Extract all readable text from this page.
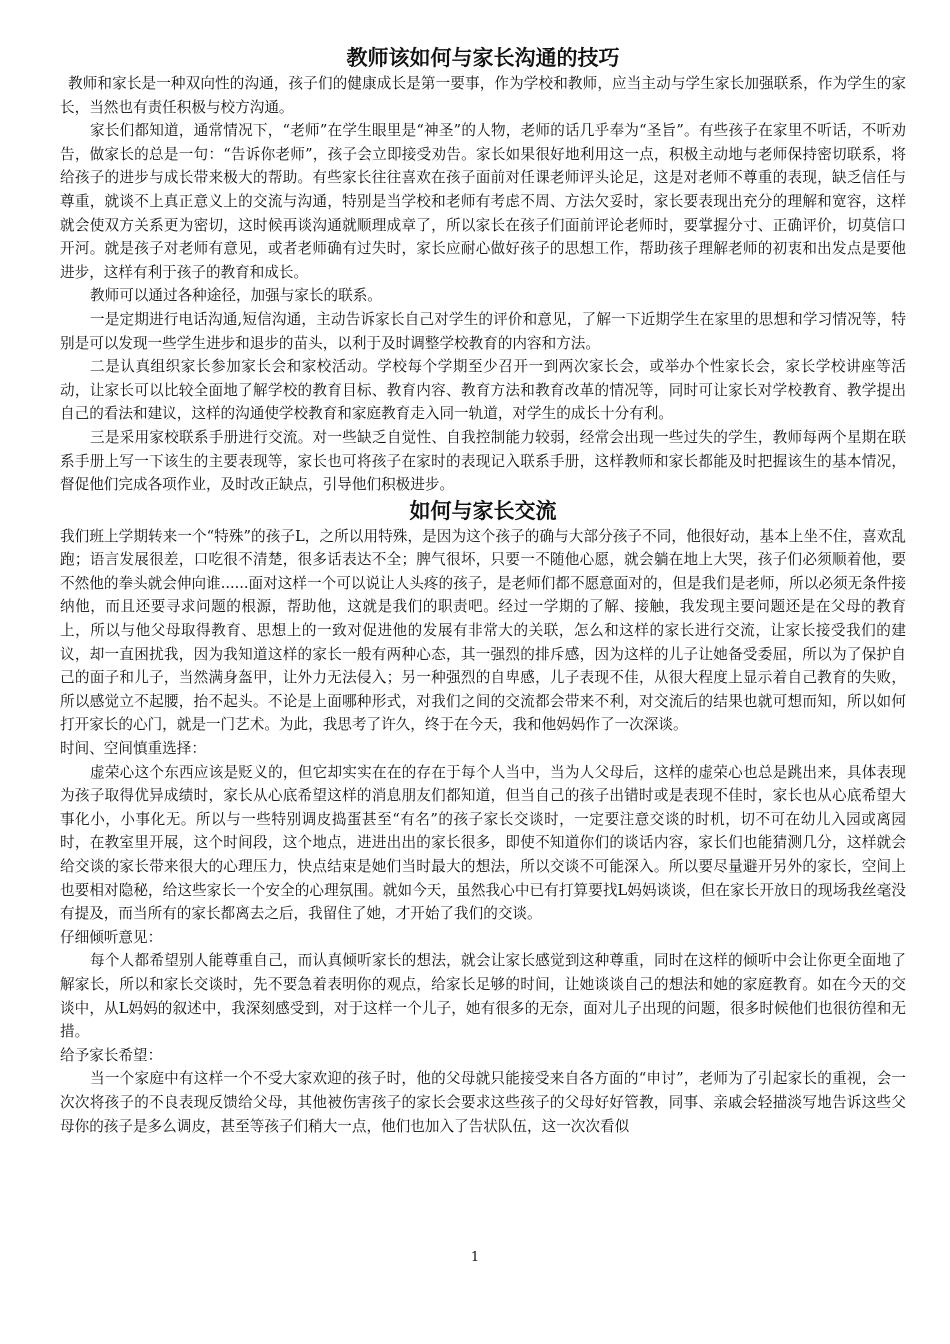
教师该如何与家长沟通的技巧

教师和家长是一种双向性的沟通，孩子们的健康成长是第一要事，作为学校和教师，应当主动与学生家长加强联系，作为学生的家长，当然也有责任积极与校方沟通。

家长们都知道，通常情况下，“老师”在学生眼里是“神圣”的人物，老师的话几乎奉为“圣旨”。有些孩子在家里不听话，不听劝告，做家长的总是一句：“告诉你老师”，孩子会立即接受劝告。家长如果很好地利用这一点，积极主动地与老师保持密切联系，将给孩子的进步与成长带来极大的帮助。有些家长往往喜欢在孩子面前对任课老师评头论足，这是对老师不尊重的表现，缺乏信任与尊重，就谈不上真正意义上的交流与沟通，特别是当学校和老师有考虑不周、方法欠妥时，家长要表现出充分的理解和宽容，这样就会使双方关系更为密切，这时候再谈沟通就顺理成章了，所以家长在孩子们面前评论老师时，要掌握分寸、正确评价，切莫信口开河。就是孩子对老师有意见，或者老师确有过失时，家长应耐心做好孩子的思想工作，帮助孩子理解老师的初衷和出发点是要他进步，这样有利于孩子的教育和成长。

教师可以通过各种途径，加强与家长的联系。

一是定期进行电话沟通,短信沟通，主动告诉家长自己对学生的评价和意见，了解一下近期学生在家里的思想和学习情况等，特别是可以发现一些学生进步和退步的苗头，以利于及时调整学校教育的内容和方法。

二是认真组织家长参加家长会和家校活动。学校每个学期至少召开一到两次家长会，或举办个性家长会，家长学校讲座等活动，让家长可以比较全面地了解学校的教育目标、教育内容、教育方法和教育改革的情况等，同时可让家长对学校教育、教学提出自己的看法和建议，这样的沟通使学校教育和家庭教育走入同一轨道，对学生的成长十分有利。

三是采用家校联系手册进行交流。对一些缺乏自觉性、自我控制能力较弱，经常会出现一些过失的学生，教师每两个星期在联系手册上写一下该生的主要表现等，家长也可将孩子在家时的表现记入联系手册，这样教师和家长都能及时把握该生的基本情况，督促他们完成各项作业，及时改正缺点，引导他们积极进步。

如何与家长交流

我们班上学期转来一个“特殊”的孩子L，之所以用特殊，是因为这个孩子的确与大部分孩子不同，他很好动，基本上坐不住，喜欢乱跑；语言发展很差，口吃很不清楚，很多话表达不全；脾气很坏，只要一不随他心愿，就会躺在地上大哭，孩子们必须顺着他，要不然他的拳头就会伸向谁......面对这样一个可以说让人头疼的孩子，是老师们都不愿意面对的，但是我们是老师，所以必须无条件接纳他，而且还要寻求问题的根源，帮助他，这就是我们的职责吧。经过一学期的了解、接触，我发现主要问题还是在父母的教育上，所以与他父母取得教育、思想上的一致对促进他的发展有非常大的关联，怎么和这样的家长进行交流，让家长接受我们的建议，却一直困扰我，因为我知道这样的家长一般有两种心态，其一强烈的排斥感，因为这样的儿子让她备受委屈，所以为了保护自己的面子和儿子，当然满身盔甲，让外力无法侵入；另一种强烈的自卑感，儿子表现不佳，从很大程度上显示着自己教育的失败，所以感觉立不起腰，抬不起头。不论是上面哪种形式，对我们之间的交流都会带来不利，对交流后的结果也就可想而知，所以如何打开家长的心门，就是一门艺术。为此，我思考了许久，终于在今天，我和他妈妈作了一次深谈。

时间、空间慎重选择：

虚荣心这个东西应该是贬义的，但它却实实在在的存在于每个人当中，当为人父母后，这样的虚荣心也总是跳出来，具体表现为孩子取得优异成绩时，家长从心底希望这样的消息朋友们都知道，但当自己的孩子出错时或是表现不佳时，家长也从心底希望大事化小，小事化无。所以与一些特别调皮捣蛋甚至“有名”的孩子家长交谈时，一定要注意交谈的时机，切不可在幼儿入园或离园时，在教室里开展，这个时间段，这个地点，进进出出的家长很多，即使不知道你们的谈话内容，家长们也能猜测几分，这样就会给交谈的家长带来很大的心理压力，快点结束是她们当时最大的想法，所以交谈不可能深入。所以要尽量避开另外的家长，空间上也要相对隐秘，给这些家长一个安全的心理氛围。就如今天，虽然我心中已有打算要找L妈妈谈谈，但在家长开放日的现场我丝毫没有提及，而当所有的家长都离去之后，我留住了她，才开始了我们的交谈。

仔细倾听意见：

每个人都希望别人能尊重自己，而认真倾听家长的想法，就会让家长感觉到这种尊重，同时在这样的倾听中会让你更全面地了解家长，所以和家长交谈时，先不要急着表明你的观点，给家长足够的时间，让她谈谈自己的想法和她的家庭教育。如在今天的交谈中，从L妈妈的叙述中，我深刻感受到，对于这样一个儿子，她有很多的无奈，面对儿子出现的问题，很多时候他们也很彷徨和无措。

给予家长希望：

当一个家庭中有这样一个不受大家欢迎的孩子时，他的父母就只能接受来自各方面的“申讨”，老师为了引起家长的重视，会一次次将孩子的不良表现反馈给父母，其他被伤害孩子的家长会要求这些孩子的父母好好管教，同事、亲戚会轻描淡写地告诉这些父母你的孩子是多么调皮，甚至等孩子们稍大一点，他们也加入了告状队伍，这一次次看似

1
